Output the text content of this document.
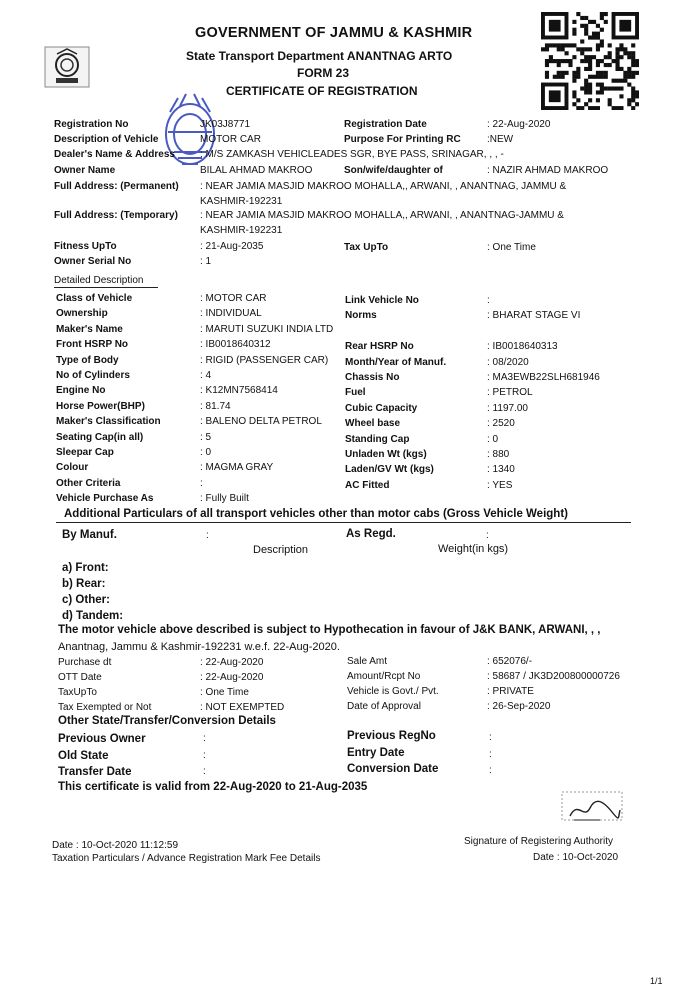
GOVERNMENT OF JAMMU & KASHMIR
State Transport Department ANANTNAG ARTO
FORM 23
CERTIFICATE OF REGISTRATION
Registration No	JK03J8771
Description of Vehicle	MOTOR CAR
Dealer's Name & Address	: M/S ZAMKASH VEHICLEADES SGR, BYE PASS, SRINAGAR, , , -
Owner Name	BILAL AHMAD MAKROO
Registration Date	: 22-Aug-2020
Purpose For Printing RC	:NEW
Son/wife/daughter of	: NAZIR AHMAD MAKROO
Full Address: (Permanent) : NEAR JAMIA MASJID MAKROO MOHALLA,, ARWANI, , ANANTNAG, JAMMU &
KASHMIR-192231
Full Address: (Temporary) : NEAR JAMIA MASJID MAKROO MOHALLA,, ARWANI, , ANANTNAG-JAMMU &
KASHMIR-192231
Fitness UpTo	: 21-Aug-2035	Tax UpTo	: One Time
Owner Serial No	: 1
Class of Vehicle	: MOTOR CAR
Ownership	: INDIVIDUAL
Maker's Name	: MARUTI SUZUKI INDIA LTD
Front HSRP No	: IB0018640312
Type of Body	: RIGID (PASSENGER CAR)
No of Cylinders	: 4
Engine No	: K12MN7568414
Horse Power(BHP)	: 81.74
Maker's Classification	: BALENO DELTA PETROL
Seating Cap(in all)	: 5
Sleepar Cap	: 0
Colour	: MAGMA GRAY
Other Criteria	:
Vehicle Purchase As	: Fully Built
Link Vehicle No	:
Norms	: BHARAT STAGE VI
Rear HSRP No	: IB0018640313
Month/Year of Manuf.	: 08/2020
Chassis No	: MA3EWB22SLH681946
Fuel	: PETROL
Cubic Capacity	: 1197.00
Wheel base	: 2520
Standing Cap	: 0
Unladen Wt (kgs)	: 880
Laden/GV Wt (kgs)	: 1340
AC Fitted	: YES
Detailed Description
Additional Particulars of all transport vehicles other than motor cabs (Gross Vehicle Weight)
By Manuf.	:	As Regd.	:
Description	Weight(in kgs)
a) Front:
b) Rear:
c) Other:
d) Tandem:
The motor vehicle above described is subject to Hypothecation in favour of J&K BANK, ARWANI, , ,
Anantnag, Jammu & Kashmir-192231 w.e.f. 22-Aug-2020.
Purchase dt	: 22-Aug-2020
OTT Date	: 22-Aug-2020
TaxUpTo	: One Time
Tax Exempted or Not	: NOT EXEMPTED
Sale Amt	: 652076/-
Amount/Rcpt No	: 58687 / JK3D200800000726
Vehicle is Govt./ Pvt.	: PRIVATE
Date of Approval	: 26-Sep-2020
Other State/Transfer/Conversion Details
Previous Owner	:
Old State	:
Transfer Date	:
Previous RegNo	:
Entry Date	:
Conversion Date	:
This certificate is valid from 22-Aug-2020 to 21-Aug-2035
Date : 10-Oct-2020 11:12:59
Taxation Particulars / Advance Registration Mark Fee Details
Signature of Registering Authority
Date : 10-Oct-2020
1/1
